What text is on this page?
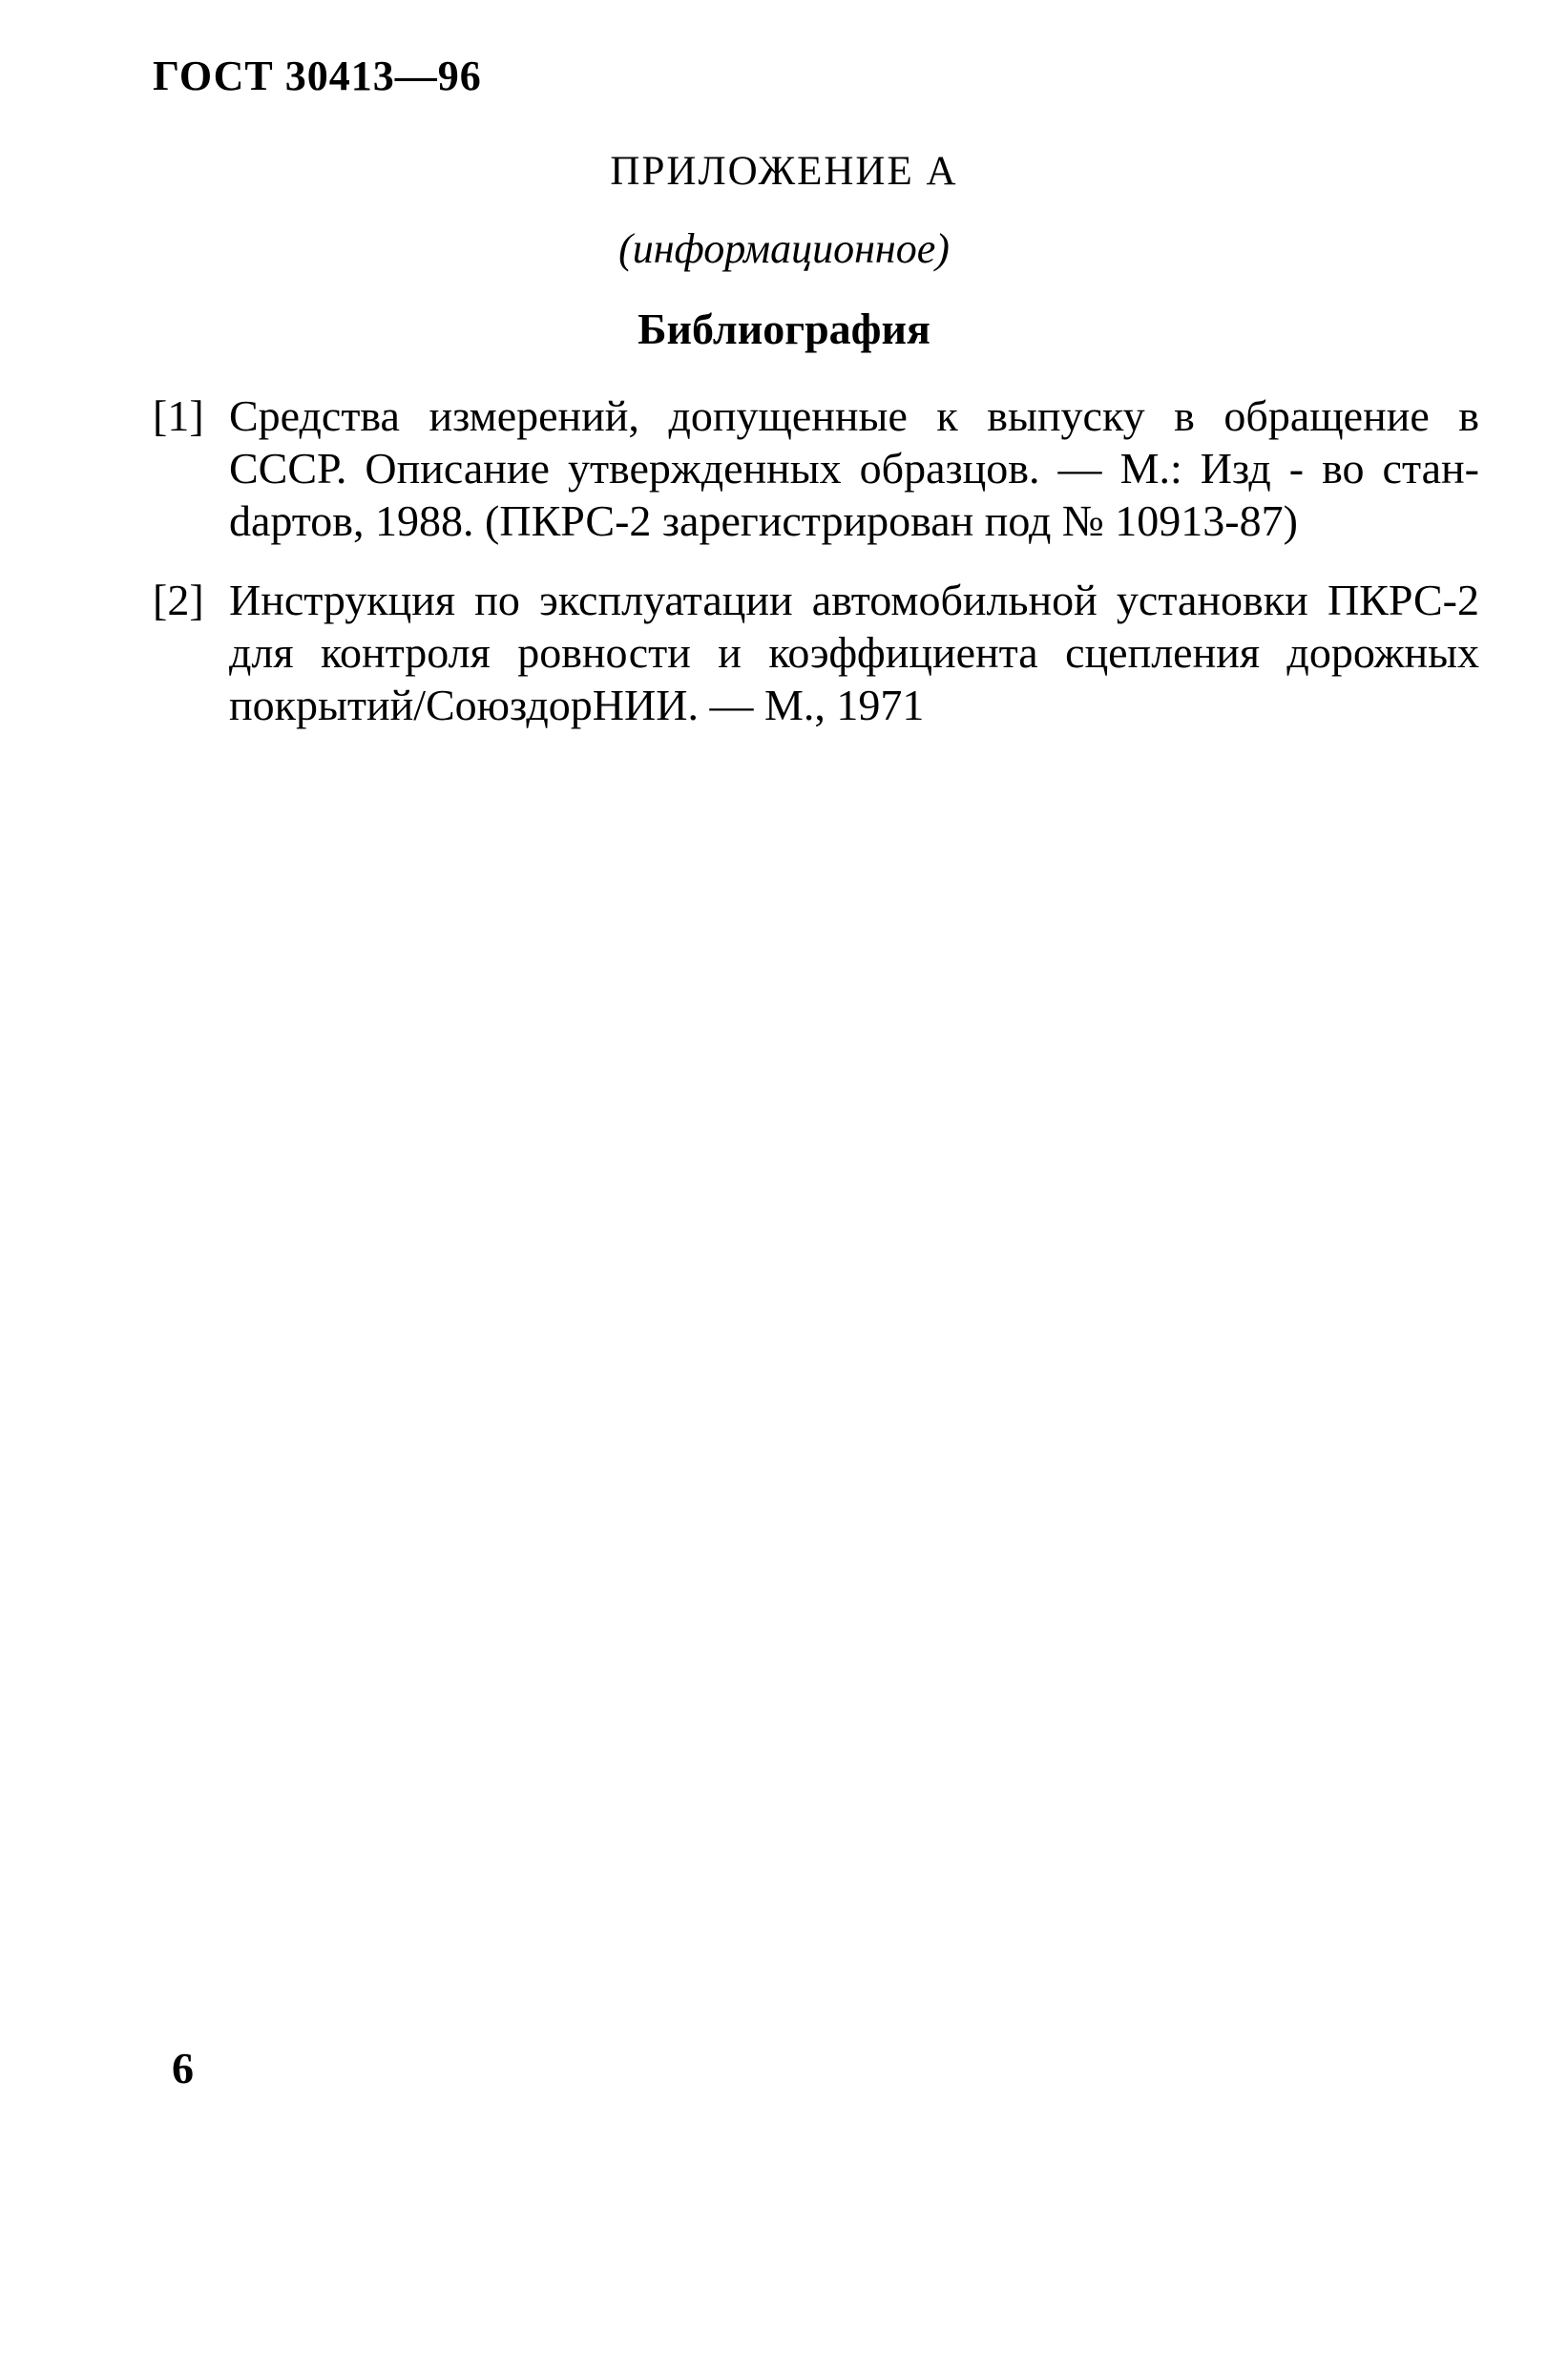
ГОСТ 30413—96
ПРИЛОЖЕНИЕ А
(информационное)
Библиография
[1] Средства измерений, допущенные к выпуску в обращение в СССР. Описание утвержденных образцов. — М.: Изд - во станdартов, 1988. (ПКРС-2 зарегистрирован под № 10913-87)
[2] Инструкция по эксплуатации автомобильной установки ПКРС-2 для контроля ровности и коэффициента сцепления дорожных покрытий/СоюздорНИИ. — М., 1971
6
